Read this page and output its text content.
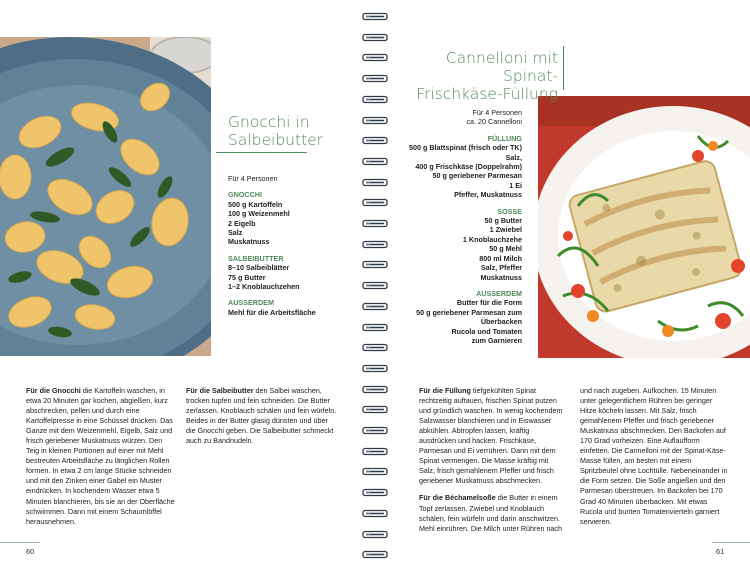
Gnocchi in
Salbeibutter
Cannelloni mit Spinat-
Frischkäse-Füllung
Für 4 Personen
GNOCCHI
500 g Kartoffeln
100 g Weizenmehl
2 Eigelb
Salz
Muskatnuss
SALBEIBUTTER
8–10 Salbeiblätter
75 g Butter
1–2 Knoblauchzehen
AUSSERDEM
Mehl für die Arbeitsfläche
Für 4 Personen
ca. 20 Cannelloni
FÜLLUNG
500 g Blattspinat (frisch oder TK)
Salz,
400 g Frischkäse (Doppelrahm)
50 g geriebener Parmesan
1 Ei
Pfeffer, Muskatnuss
SOSSE
50 g Butter
1 Zwiebel
1 Knoblauchzehe
50 g Mehl
800 ml Milch
Salz, Pfeffer
Muskatnuss
AUSSERDEM
Butter für die Form
50 g geriebener Parmesan zum
Überbacken
Rucola und Tomaten
zum Garnieren

Für die Gnocchi die Kartoffeln waschen, in etwa 20 Minuten gar kochen, abgießen, kurz abschrecken, pellen und durch eine Kartoffelpresse in eine Schüssel drücken. Das Ganze mit dem Weizenmehl, Eigelb, Salz und frisch geriebener Muskatnuss würzen. Den Teig in kleinen Portionen auf einer mit Mehl bestreuten Arbeitsfläche zu länglichen Rollen formen. In etwa 2 cm lange Stücke schneiden und mit den Zinken einer Gabel ein Muster eindrücken. In kochendem Wasser etwa 5 Minuten blanchieren, bis sie an der Oberfläche schwimmen. Dann mit einem Schaumlöffel herausnehmen.

Für die Salbeibutter den Salbei waschen, trocken tupfen und fein schneiden. Die Butter zerlassen. Knoblauch schälen und fein würfeln. Beides in der Butter glasig dünsten und über die Gnocchi geben. Die Salbeibutter schmeckt auch zu Bandnudeln.

Für die Füllung tiefgekühlten Spinat rechtzeitig auftauen, frischen Spinat putzen und gründlich waschen. In wenig kochendem Salzwasser blanchieren und in Eiswasser abkühlen. Abtropfen lassen, kräftig ausdrücken und hacken. Frischkäse, Parmesan und Ei verrühren. Dann mit dem Spinat vermengen. Die Masse kräftig mit Salz, frisch gemahlenem Pfeffer und frisch geriebener Muskatnuss abschmecken.

Für die Béchamelsoße die Butter in einem Topf zerlassen. Zwiebel und Knoblauch schälen, fein würfeln und darin anschwitzen. Mehl einrühren. Die Milch unter Rühren nach

und nach zugeben. Aufkochen. 15 Minuten unter gelegentlichem Rühren bei geringer Hitze köcheln lassen. Mit Salz, frisch gemahlenem Pfeffer und frisch geriebener Muskatnuss abschmecken. Den Backofen auf 170 Grad vorheizen. Eine Auflaufform einfetten. Die Cannelloni mit der Spinat-Käse-Masse füllen, am besten mit einem Spritzbeutel ohne Lochtülle. Nebeneinander in die Form setzen. Die Soße angießen und den Parmesan überstreuen. Im Backofen bei 170 Grad 40 Minuten überbacken. Mit etwas Rucola und bunten Tomatenvierteln garniert servieren.

60	61
